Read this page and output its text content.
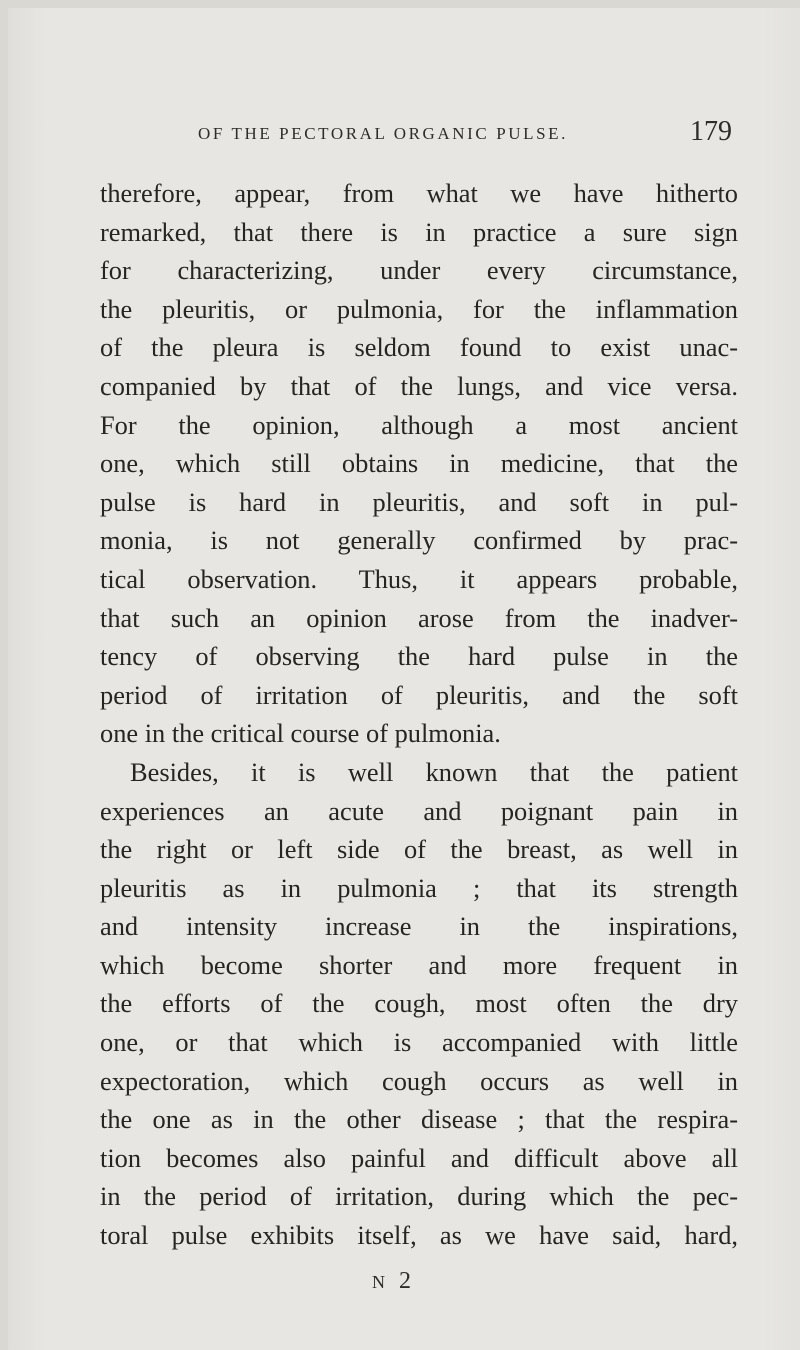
OF THE PECTORAL ORGANIC PULSE.	179
therefore, appear, from what we have hitherto
remarked, that there is in practice a sure sign
for characterizing, under every circumstance,
the pleuritis, or pulmonia, for the inflammation
of the pleura is seldom found to exist unac-
companied by that of the lungs, and vice versa.
For the opinion, although a most ancient
one, which still obtains in medicine, that the
pulse is hard in pleuritis, and soft in pul-
monia, is not generally confirmed by prac-
tical observation. Thus, it appears probable,
that such an opinion arose from the inadver-
tency of observing the hard pulse in the
period of irritation of pleuritis, and the soft
one in the critical course of pulmonia.
Besides, it is well known that the patient
experiences an acute and poignant pain in
the right or left side of the breast, as well in
pleuritis as in pulmonia ; that its strength
and intensity increase in the inspirations,
which become shorter and more frequent in
the efforts of the cough, most often the dry
one, or that which is accompanied with little
expectoration, which cough occurs as well in
the one as in the other disease ; that the respira-
tion becomes also painful and difficult above all
in the period of irritation, during which the pec-
toral pulse exhibits itself, as we have said, hard,
N 2
